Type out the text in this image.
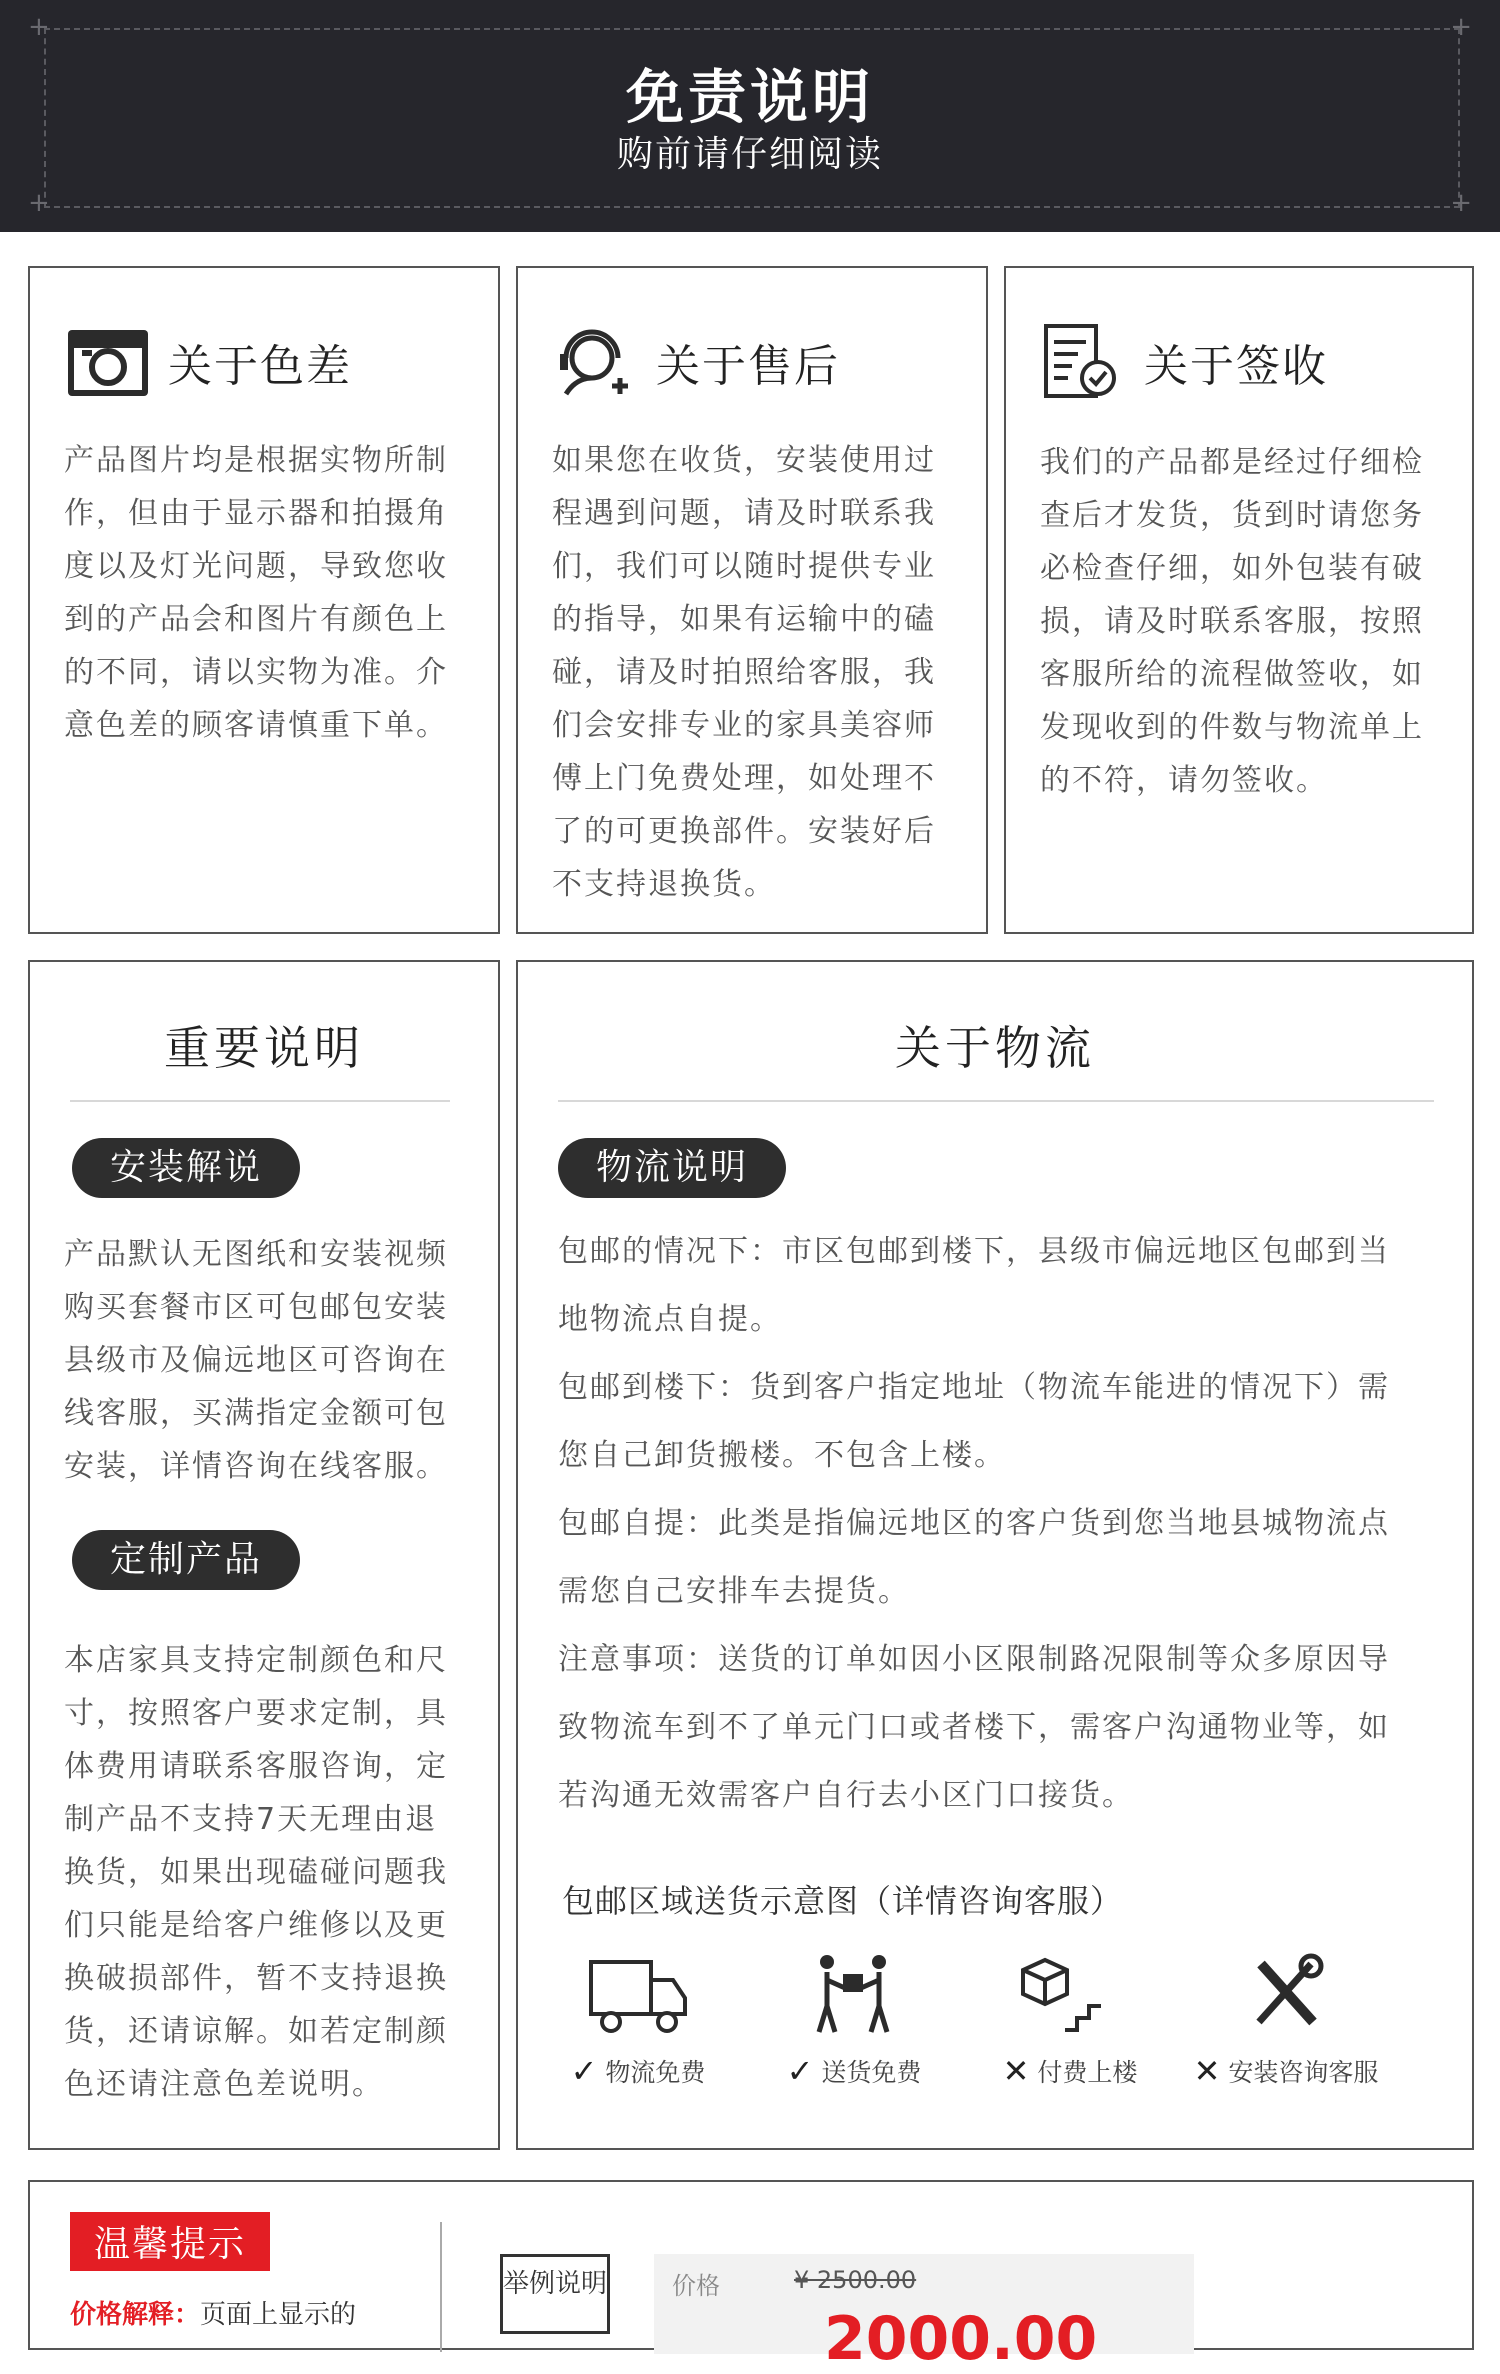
+	+
+	+
免责说明
购前请仔细阅读
关于色差
产品图片均是根据实物所制
作，但由于显示器和拍摄角
度以及灯光问题，导致您收
到的产品会和图片有颜色上
的不同，请以实物为准。介
意色差的顾客请慎重下单。
关于售后
如果您在收货，安装使用过
程遇到问题，请及时联系我
们，我们可以随时提供专业
的指导，如果有运输中的磕
碰，请及时拍照给客服，我
们会安排专业的家具美容师
傅上门免费处理，如处理不
了的可更换部件。安装好后
不支持退换货。
关于签收
我们的产品都是经过仔细检
查后才发货，货到时请您务
必检查仔细，如外包装有破
损，请及时联系客服，按照
客服所给的流程做签收，如
发现收到的件数与物流单上
的不符，请勿签收。
重要说明
安装解说
产品默认无图纸和安装视频
购买套餐市区可包邮包安装
县级市及偏远地区可咨询在
线客服，买满指定金额可包
安装，详情咨询在线客服。
定制产品
本店家具支持定制颜色和尺
寸，按照客户要求定制，具
体费用请联系客服咨询，定
制产品不支持7天无理由退
换货，如果出现磕碰问题我
们只能是给客户维修以及更
换破损部件，暂不支持退换
货，还请谅解。如若定制颜
色还请注意色差说明。
关于物流
物流说明
包邮的情况下：市区包邮到楼下，县级市偏远地区包邮到当
地物流点自提。
包邮到楼下：货到客户指定地址（物流车能进的情况下）需
您自己卸货搬楼。不包含上楼。
包邮自提：此类是指偏远地区的客户货到您当地县城物流点
需您自己安排车去提货。
注意事项：送货的订单如因小区限制路况限制等众多原因导
致物流车到不了单元门口或者楼下，需客户沟通物业等，如
若沟通无效需客户自行去小区门口接货。
包邮区域送货示意图（详情咨询客服）
✓ 物流免费	✓ 送货免费	✕ 付费上楼 ✕ 安装咨询客服
温馨提示
价格解释：页面上显示的
举例说明	价格	¥ 2500.00
2000.00
